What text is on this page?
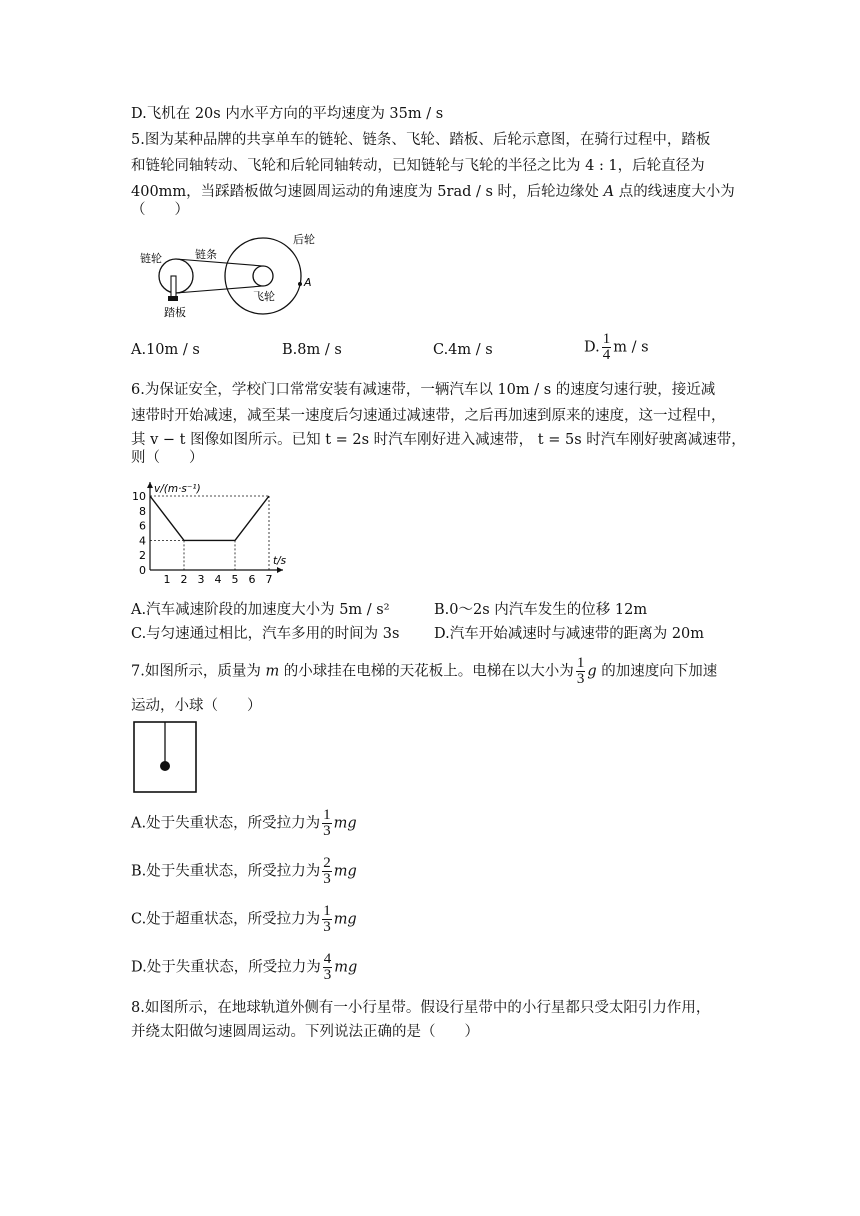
D.飞机在 20s 内水平方向的平均速度为 35m / s
5.图为某种品牌的共享单车的链轮、链条、飞轮、踏板、后轮示意图，在骑行过程中，踏板
和链轮同轴转动、飞轮和后轮同轴转动，已知链轮与飞轮的半径之比为 4 : 1，后轮直径为
400mm，当踩踏板做匀速圆周运动的角速度为 5rad / s 时，后轮边缘处 A 点的线速度大小为
（　　）
链轮	链条
后轮
飞轮
踏板
A
A.10m / s	B.8m / s	C.4m / s	D. $\frac{1}{4}$ m / s
6.为保证安全，学校门口常常安装有减速带，一辆汽车以 10m / s 的速度匀速行驶，接近减
速带时开始减速，减至某一速度后匀速通过减速带，之后再加速到原来的速度，这一过程中，
其 v − t 图像如图所示。已知 t = 2s 时汽车刚好进入减速带， t = 5s 时汽车刚好驶离减速带，
则（　　）
1 2 3 4 5 6 7
0
2
4
6
8
10
v/(m·s⁻¹)
t/s
A.汽车减速阶段的加速度大小为 5m / s²	B.0～2s 内汽车发生的位移 12m
C.与匀速通过相比，汽车多用的时间为 3s D.汽车开始减速时与减速带的距离为 20m
7.如图所示，质量为 m 的小球挂在电梯的天花板上。电梯在以大小为 $\frac{1}{3}$ g 的加速度向下加速
运动，小球（　　）
A.处于失重状态，所受拉力为 $\frac{1}{3}$ mg
B.处于失重状态，所受拉力为 $\frac{2}{3}$ mg
C.处于超重状态，所受拉力为 $\frac{1}{3}$ mg
D.处于失重状态，所受拉力为 $\frac{4}{3}$ mg
8.如图所示，在地球轨道外侧有一小行星带。假设行星带中的小行星都只受太阳引力作用，
并绕太阳做匀速圆周运动。下列说法正确的是（　　）
